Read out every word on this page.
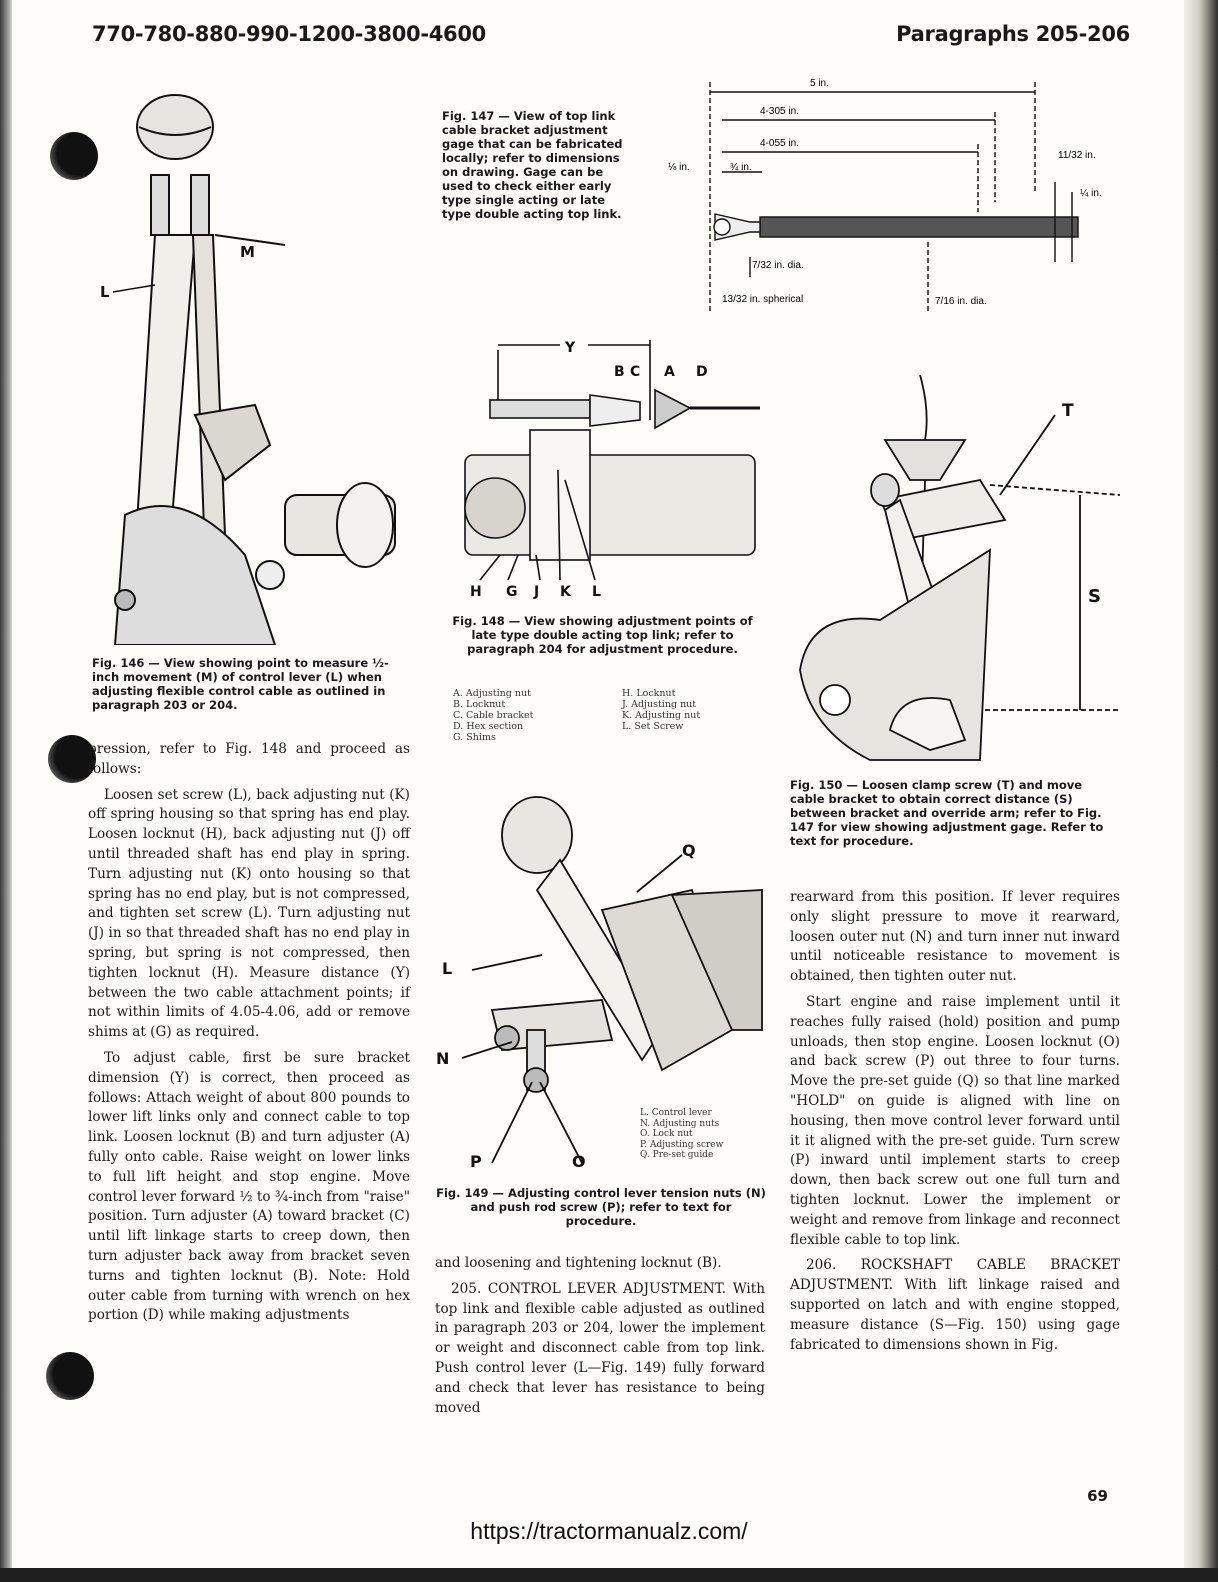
770-780-880-990-1200-3800-4600	Paragraphs 205-206
M
L
Fig. 146 — View showing point to measure ½-inch movement (M) of control lever (L) when adjusting flexible control cable as outlined in paragraph 203 or 204.
Fig. 147 — View of top link cable bracket adjustment gage that can be fabricated locally; refer to dimensions on drawing. Gage can be used to check either early type single acting or late type double acting top link.
5 in.
4-305 in.
4-055 in.
⅛ in.	¾ in.
11/32 in.
¼ in.
7/32 in. dia.
13/32 in. spherical	7/16 in. dia.
Y
B C A D
H G J K L
Fig. 148 — View showing adjustment points of late type double acting top link; refer to paragraph 204 for adjustment procedure.
A. Adjusting nut
B. Locknut
C. Cable bracket
D. Hex section
G. Shims
H. Locknut
J. Adjusting nut
K. Adjusting nut
L. Set Screw
Q
L
N
P	O
L. Control lever
N. Adjusting nuts
O. Lock nut
P. Adjusting screw
Q. Pre-set guide
Fig. 149 — Adjusting control lever tension nuts (N) and push rod screw (P); refer to text for procedure.
T
S
Fig. 150 — Loosen clamp screw (T) and move cable bracket to obtain correct distance (S) between bracket and override arm; refer to Fig. 147 for view showing adjustment gage. Refer to text for procedure.

pression, refer to Fig. 148 and proceed as follows:

Loosen set screw (L), back adjusting nut (K) off spring housing so that spring has end play. Loosen locknut (H), back adjusting nut (J) off until threaded shaft has end play in spring. Turn adjusting nut (K) onto housing so that spring has no end play, but is not compressed, and tighten set screw (L). Turn adjusting nut (J) in so that threaded shaft has no end play in spring, but spring is not compressed, then tighten locknut (H). Measure distance (Y) between the two cable attachment points; if not within limits of 4.05-4.06, add or remove shims at (G) as required.

To adjust cable, first be sure bracket dimension (Y) is correct, then proceed as follows: Attach weight of about 800 pounds to lower lift links only and connect cable to top link. Loosen locknut (B) and turn adjuster (A) fully onto cable. Raise weight on lower links to full lift height and stop engine. Move control lever forward ½ to ¾-inch from "raise" position. Turn adjuster (A) toward bracket (C) until lift linkage starts to creep down, then turn adjuster back away from bracket seven turns and tighten locknut (B). Note: Hold outer cable from turning with wrench on hex portion (D) while making adjustments

and loosening and tightening locknut (B).

205. CONTROL LEVER ADJUSTMENT. With top link and flexible cable adjusted as outlined in paragraph 203 or 204, lower the implement or weight and disconnect cable from top link. Push control lever (L—Fig. 149) fully forward and check that lever has resistance to being moved

rearward from this position. If lever requires only slight pressure to move it rearward, loosen outer nut (N) and turn inner nut inward until noticeable resistance to movement is obtained, then tighten outer nut.

Start engine and raise implement until it reaches fully raised (hold) position and pump unloads, then stop engine. Loosen locknut (O) and back screw (P) out three to four turns. Move the pre-set guide (Q) so that line marked "HOLD" on guide is aligned with line on housing, then move control lever forward until it it aligned with the pre-set guide. Turn screw (P) inward until implement starts to creep down, then back screw out one full turn and tighten locknut. Lower the implement or weight and remove from linkage and reconnect flexible cable to top link.

206. ROCKSHAFT CABLE BRACKET ADJUSTMENT. With lift linkage raised and supported on latch and with engine stopped, measure distance (S—Fig. 150) using gage fabricated to dimensions shown in Fig.

69
https://tractormanualz.com/
